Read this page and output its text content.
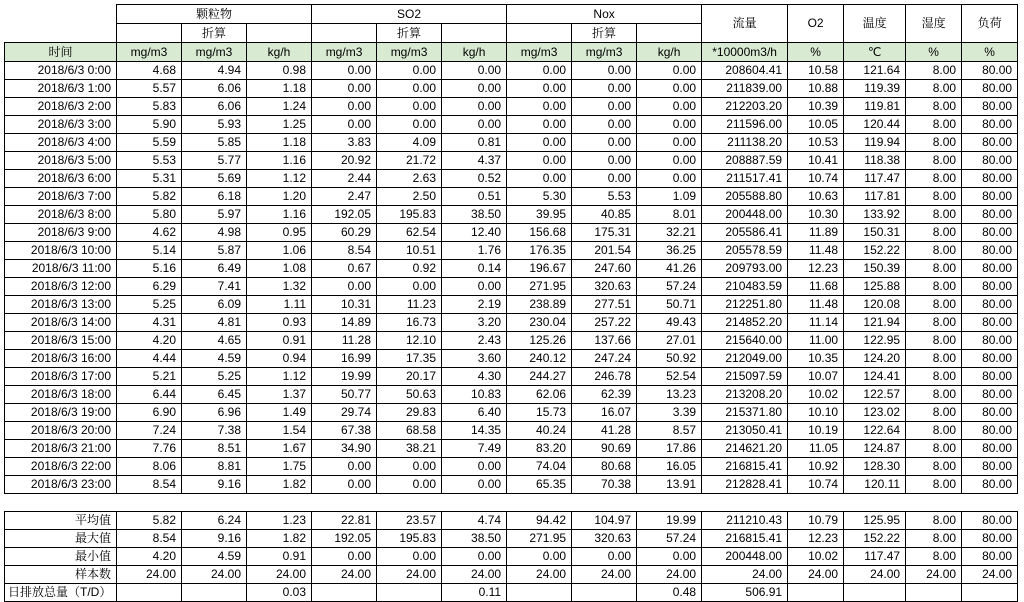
	颗粒物			SO2			Nox			流量	O2	温度	湿度	负荷
		折算			折算			折算						
时间	mg/m3	mg/m3	kg/h	mg/m3	mg/m3	kg/h	mg/m3	mg/m3	kg/h	*10000m3/h	%	℃	%	%
2018/6/3 0:00	4.68	4.94	0.98	0.00	0.00	0.00	0.00	0.00	0.00	208604.41	10.58	121.64	8.00	80.00
2018/6/3 1:00	5.57	6.06	1.18	0.00	0.00	0.00	0.00	0.00	0.00	211839.00	10.88	119.39	8.00	80.00
2018/6/3 2:00	5.83	6.06	1.24	0.00	0.00	0.00	0.00	0.00	0.00	212203.20	10.39	119.81	8.00	80.00
2018/6/3 3:00	5.90	5.93	1.25	0.00	0.00	0.00	0.00	0.00	0.00	211596.00	10.05	120.44	8.00	80.00
2018/6/3 4:00	5.59	5.85	1.18	3.83	4.09	0.81	0.00	0.00	0.00	211138.20	10.53	119.94	8.00	80.00
2018/6/3 5:00	5.53	5.77	1.16	20.92	21.72	4.37	0.00	0.00	0.00	208887.59	10.41	118.38	8.00	80.00
2018/6/3 6:00	5.31	5.69	1.12	2.44	2.63	0.52	0.00	0.00	0.00	211517.41	10.74	117.47	8.00	80.00
2018/6/3 7:00	5.82	6.18	1.20	2.47	2.50	0.51	5.30	5.53	1.09	205588.80	10.63	117.81	8.00	80.00
2018/6/3 8:00	5.80	5.97	1.16	192.05	195.83	38.50	39.95	40.85	8.01	200448.00	10.30	133.92	8.00	80.00
2018/6/3 9:00	4.62	4.98	0.95	60.29	62.54	12.40	156.68	175.31	32.21	205586.41	11.89	150.31	8.00	80.00
2018/6/3 10:00	5.14	5.87	1.06	8.54	10.51	1.76	176.35	201.54	36.25	205578.59	11.48	152.22	8.00	80.00
2018/6/3 11:00	5.16	6.49	1.08	0.67	0.92	0.14	196.67	247.60	41.26	209793.00	12.23	150.39	8.00	80.00
2018/6/3 12:00	6.29	7.41	1.32	0.00	0.00	0.00	271.95	320.63	57.24	210483.59	11.68	125.88	8.00	80.00
2018/6/3 13:00	5.25	6.09	1.11	10.31	11.23	2.19	238.89	277.51	50.71	212251.80	11.48	120.08	8.00	80.00
2018/6/3 14:00	4.31	4.81	0.93	14.89	16.73	3.20	230.04	257.22	49.43	214852.20	11.14	121.94	8.00	80.00
2018/6/3 15:00	4.20	4.65	0.91	11.28	12.10	2.43	125.26	137.66	27.01	215640.00	11.00	122.95	8.00	80.00
2018/6/3 16:00	4.44	4.59	0.94	16.99	17.35	3.60	240.12	247.24	50.92	212049.00	10.35	124.20	8.00	80.00
2018/6/3 17:00	5.21	5.25	1.12	19.99	20.17	4.30	244.27	246.78	52.54	215097.59	10.07	124.41	8.00	80.00
2018/6/3 18:00	6.44	6.45	1.37	50.77	50.63	10.83	62.06	62.39	13.23	213208.20	10.02	122.57	8.00	80.00
2018/6/3 19:00	6.90	6.96	1.49	29.74	29.83	6.40	15.73	16.07	3.39	215371.80	10.10	123.02	8.00	80.00
2018/6/3 20:00	7.24	7.38	1.54	67.38	68.58	14.35	40.24	41.28	8.57	213050.41	10.19	122.64	8.00	80.00
2018/6/3 21:00	7.76	8.51	1.67	34.90	38.21	7.49	83.20	90.69	17.86	214621.20	11.05	124.87	8.00	80.00
2018/6/3 22:00	8.06	8.81	1.75	0.00	0.00	0.00	74.04	80.68	16.05	216815.41	10.92	128.30	8.00	80.00
2018/6/3 23:00	8.54	9.16	1.82	0.00	0.00	0.00	65.35	70.38	13.91	212828.41	10.74	120.11	8.00	80.00

平均值	5.82	6.24	1.23	22.81	23.57	4.74	94.42	104.97	19.99	211210.43	10.79	125.95	8.00	80.00
最大值	8.54	9.16	1.82	192.05	195.83	38.50	271.95	320.63	57.24	216815.41	12.23	152.22	8.00	80.00
最小值	4.20	4.59	0.91	0.00	0.00	0.00	0.00	0.00	0.00	200448.00	10.02	117.47	8.00	80.00
样本数	24.00	24.00	24.00	24.00	24.00	24.00	24.00	24.00	24.00	24.00	24.00	24.00	24.00	24.00
日排放总量（T/D）			0.03			0.11			0.48	506.91				
